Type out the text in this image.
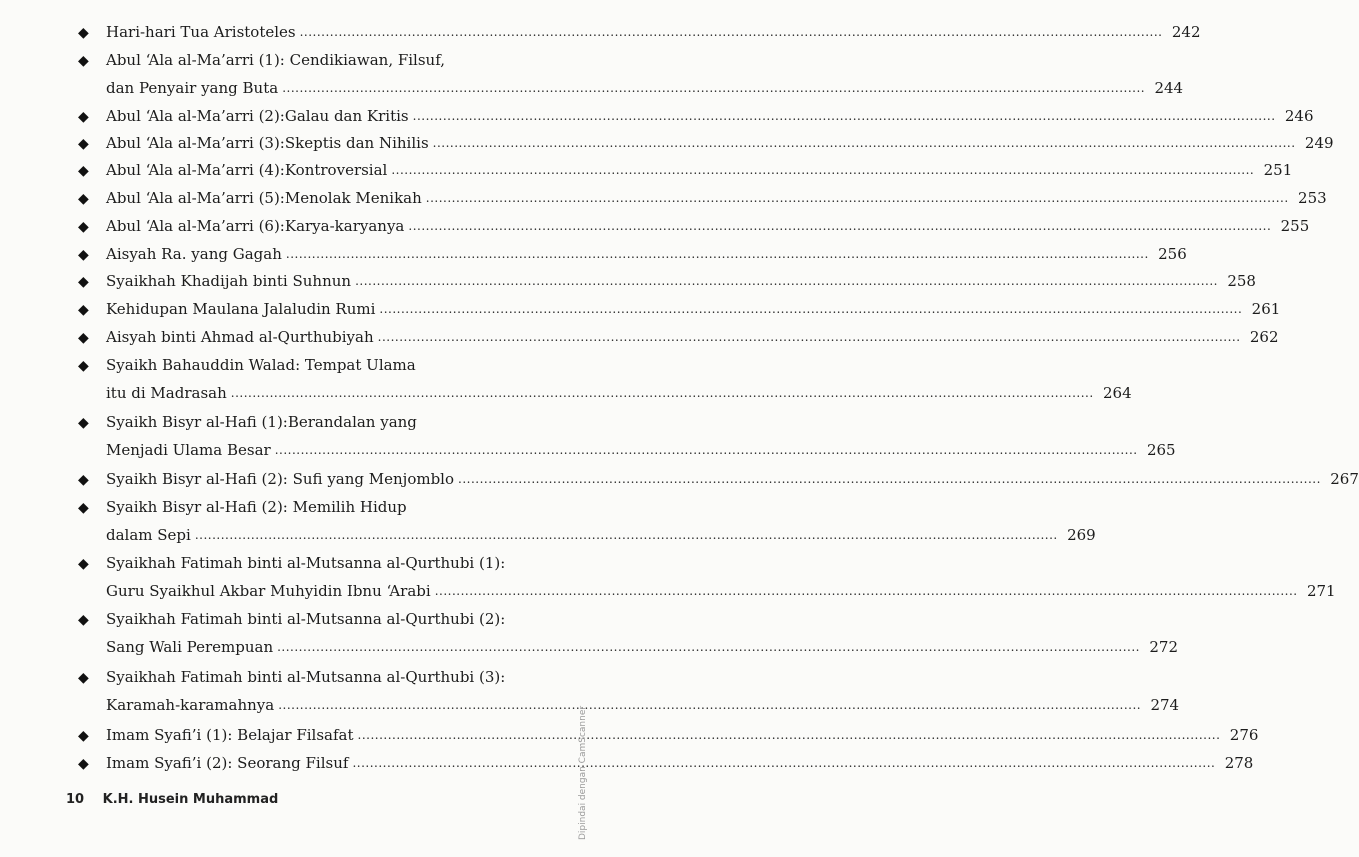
◆ Hari-hari Tua Aristoteles ........................................................................................................................................................................................................ 242
◆ Abul ‘Ala al-Ma’arri (1): Cendikiawan, Filsuf,
dan Penyair yang Buta ........................................................................................................................................................................................................ 244
◆ Abul ‘Ala al-Ma’arri (2):Galau dan Kritis ........................................................................................................................................................................................................ 246
◆ Abul ‘Ala al-Ma’arri (3):Skeptis dan Nihilis ........................................................................................................................................................................................................ 249
◆ Abul ‘Ala al-Ma’arri (4):Kontroversial ........................................................................................................................................................................................................ 251
◆ Abul ‘Ala al-Ma’arri (5):Menolak Menikah ........................................................................................................................................................................................................ 253
◆ Abul ‘Ala al-Ma’arri (6):Karya-karyanya ........................................................................................................................................................................................................ 255
◆ Aisyah Ra. yang Gagah ........................................................................................................................................................................................................ 256
◆ Syaikhah Khadijah binti Suhnun ........................................................................................................................................................................................................ 258
◆ Kehidupan Maulana Jalaludin Rumi ........................................................................................................................................................................................................ 261
◆ Aisyah binti Ahmad al-Qurthubiyah ........................................................................................................................................................................................................ 262
◆ Syaikh Bahauddin Walad: Tempat Ulama
itu di Madrasah ........................................................................................................................................................................................................ 264
◆ Syaikh Bisyr al-Hafi (1):Berandalan yang
Menjadi Ulama Besar ........................................................................................................................................................................................................ 265
◆ Syaikh Bisyr al-Hafi (2): Sufi yang Menjomblo ........................................................................................................................................................................................................ 267
◆ Syaikh Bisyr al-Hafi (2): Memilih Hidup
dalam Sepi ........................................................................................................................................................................................................ 269
◆ Syaikhah Fatimah binti al-Mutsanna al-Qurthubi (1):
Guru Syaikhul Akbar Muhyidin Ibnu ‘Arabi ........................................................................................................................................................................................................ 271
◆ Syaikhah Fatimah binti al-Mutsanna al-Qurthubi (2):
Sang Wali Perempuan ........................................................................................................................................................................................................ 272
◆ Syaikhah Fatimah binti al-Mutsanna al-Qurthubi (3):
Karamah-karamahnya ........................................................................................................................................................................................................ 274
◆ Imam Syafi’i (1): Belajar Filsafat ........................................................................................................................................................................................................ 276
◆ Imam Syafi’i (2): Seorang Filsuf ........................................................................................................................................................................................................ 278
10 K.H. Husein Muhammad	Dipindai dengan CamScanner
